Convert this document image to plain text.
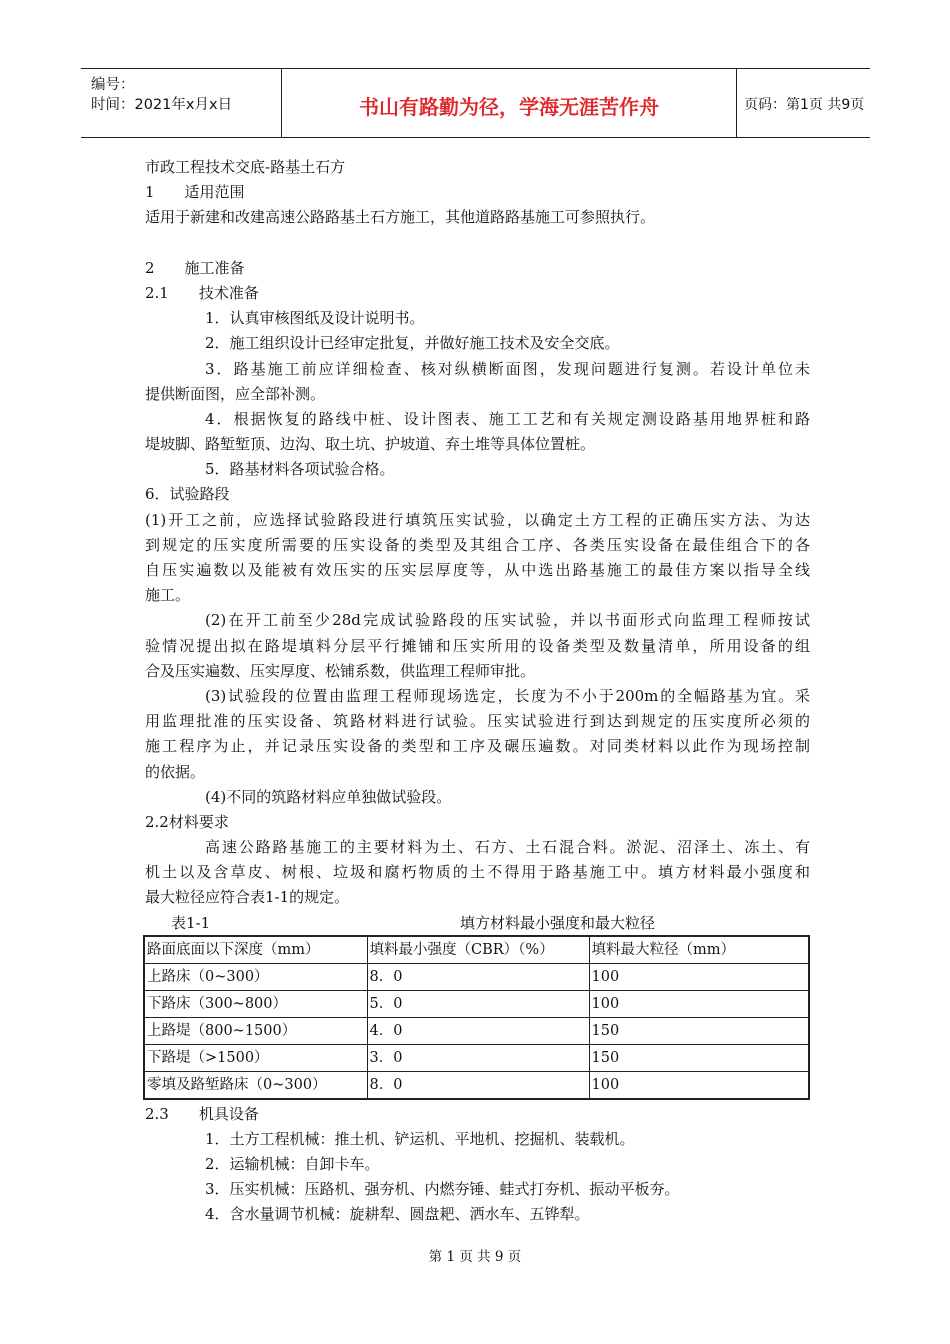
编号：
时间：2021年x月x日	书山有路勤为径，学海无涯苦作舟	页码：第1页 共9页
市政工程技术交底-路基土石方
1　　适用范围
适用于新建和改建高速公路路基土石方施工，其他道路路基施工可参照执行。
2　　施工准备
2.1　　技术准备
1．认真审核图纸及设计说明书。
2．施工组织设计已经审定批复，并做好施工技术及安全交底。
3．路基施工前应详细检查、核对纵横断面图，发现问题进行复测。若设计单位未
提供断面图，应全部补测。
4．根据恢复的路线中桩、设计图表、施工工艺和有关规定测设路基用地界桩和路
堤坡脚、路堑堑顶、边沟、取土坑、护坡道、弃土堆等具体位置桩。
5．路基材料各项试验合格。
6．试验路段
(1)开工之前，应选择试验路段进行填筑压实试验，以确定土方工程的正确压实方法、为达
到规定的压实度所需要的压实设备的类型及其组合工序、各类压实设备在最佳组合下的各
自压实遍数以及能被有效压实的压实层厚度等，从中选出路基施工的最佳方案以指导全线
施工。
(2)在开工前至少28d完成试验路段的压实试验，并以书面形式向监理工程师按试
验情况提出拟在路堤填料分层平行摊铺和压实所用的设备类型及数量清单，所用设备的组
合及压实遍数、压实厚度、松铺系数，供监理工程师审批。
(3)试验段的位置由监理工程师现场选定，长度为不小于200m的全幅路基为宜。采
用监理批准的压实设备、筑路材料进行试验。压实试验进行到达到规定的压实度所必须的
施工程序为止，并记录压实设备的类型和工序及碾压遍数。对同类材料以此作为现场控制
的依据。
(4)不同的筑路材料应单独做试验段。
2.2材料要求
高速公路路基施工的主要材料为土、石方、土石混合料。淤泥、沼泽土、冻土、有
机土以及含草皮、树根、垃圾和腐朽物质的土不得用于路基施工中。填方材料最小强度和
最大粒径应符合表1-1的规定。
表1-1	填方材料最小强度和最大粒径
路面底面以下深度（mm）	填料最小强度（CBR）（%）	填料最大粒径（mm）
上路床（0~300）	8．0	100
下路床（300~800）	5．0	100
上路堤（800~1500）	4．0	150
下路堤（>1500）	3．0	150
零填及路堑路床（0~300）	8．0	100
2.3　　机具设备
1．土方工程机械：推土机、铲运机、平地机、挖掘机、装载机。
2．运输机械：自卸卡车。
3．压实机械：压路机、强夯机、内燃夯锤、蛙式打夯机、振动平板夯。
4．含水量调节机械：旋耕犁、圆盘耙、洒水车、五铧犁。
第 1 页 共 9 页
